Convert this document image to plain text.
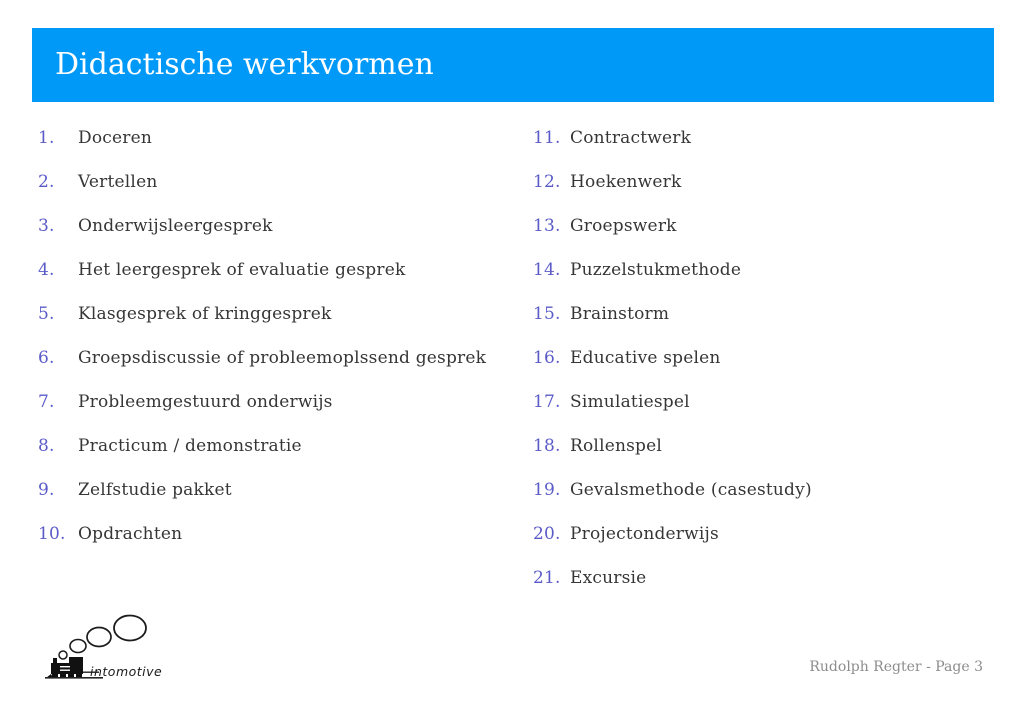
Didactische werkvormen
1.	Doceren
2.	Vertellen
3.	Onderwijsleergesprek
4.	Het leergesprek of evaluatie gesprek
5.	Klasgesprek of kringgesprek
6.	Groepsdiscussie of probleemoplssend gesprek
7.	Probleemgestuurd onderwijs
8.	Practicum / demonstratie
9.	Zelfstudie pakket
10. Opdrachten
11. Contractwerk
12. Hoekenwerk
13. Groepswerk
14. Puzzelstukmethode
15. Brainstorm
16. Educative spelen
17. Simulatiespel
18. Rollenspel
19. Gevalsmethode (casestudy)
20. Projectonderwijs
21. Excursie
intomotive	Rudolph Regter - Page 3
